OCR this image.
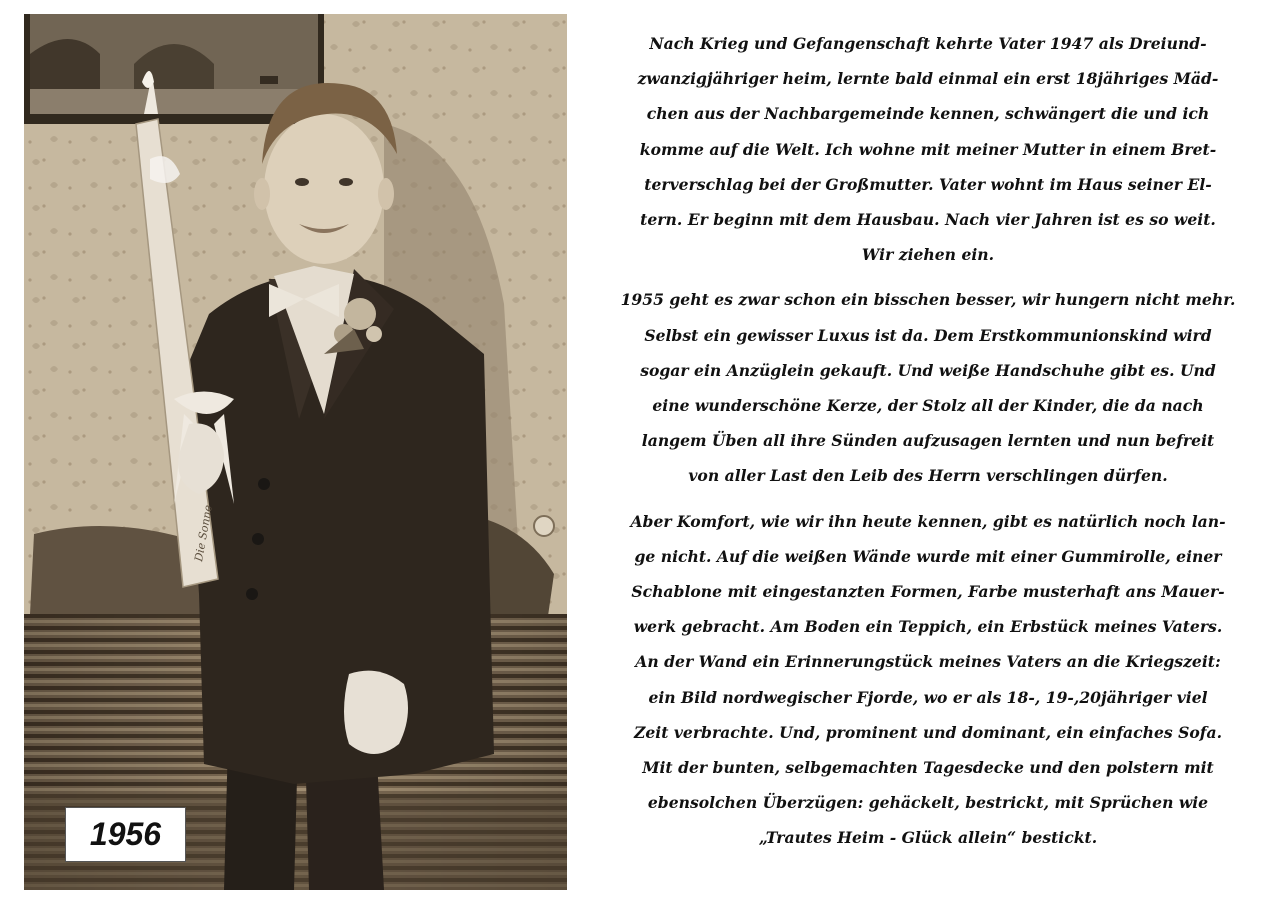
Die Sonne
1956

Nach Krieg und Gefangenschaft kehrte Vater 1947 als Dreiund-
zwanzigjähriger heim, lernte bald einmal ein erst 18jähriges Mäd-
chen aus der Nachbargemeinde kennen, schwängert die und ich
komme auf die Welt. Ich wohne mit meiner Mutter in einem Bret-
terverschlag bei der Großmutter. Vater wohnt im Haus seiner El-
tern. Er beginn mit dem Hausbau. Nach vier Jahren ist es so weit.
Wir ziehen ein.

1955 geht es zwar schon ein bisschen besser, wir hungern nicht mehr.
Selbst ein gewisser Luxus ist da. Dem Erstkommunionskind wird
sogar ein Anzüglein gekauft. Und weiße Handschuhe gibt es. Und
eine wunderschöne Kerze, der Stolz all der Kinder, die da nach
langem Üben all ihre Sünden aufzusagen lernten und nun befreit
von aller Last den Leib des Herrn verschlingen dürfen.

Aber Komfort, wie wir ihn heute kennen, gibt es natürlich noch lan-
ge nicht. Auf die weißen Wände wurde mit einer Gummirolle, einer
Schablone mit eingestanzten Formen, Farbe musterhaft ans Mauer-
werk gebracht. Am Boden ein Teppich, ein Erbstück meines Vaters.
An der Wand ein Erinnerungstück meines Vaters an die Kriegszeit:
ein Bild nordwegischer Fjorde, wo er als 18-, 19-,20jähriger viel
Zeit verbrachte. Und, prominent und dominant, ein einfaches Sofa.
Mit der bunten, selbgemachten Tagesdecke und den polstern mit
ebensolchen Überzügen: gehäckelt, bestrickt, mit Sprüchen wie
„Trautes Heim - Glück allein“ bestickt.
